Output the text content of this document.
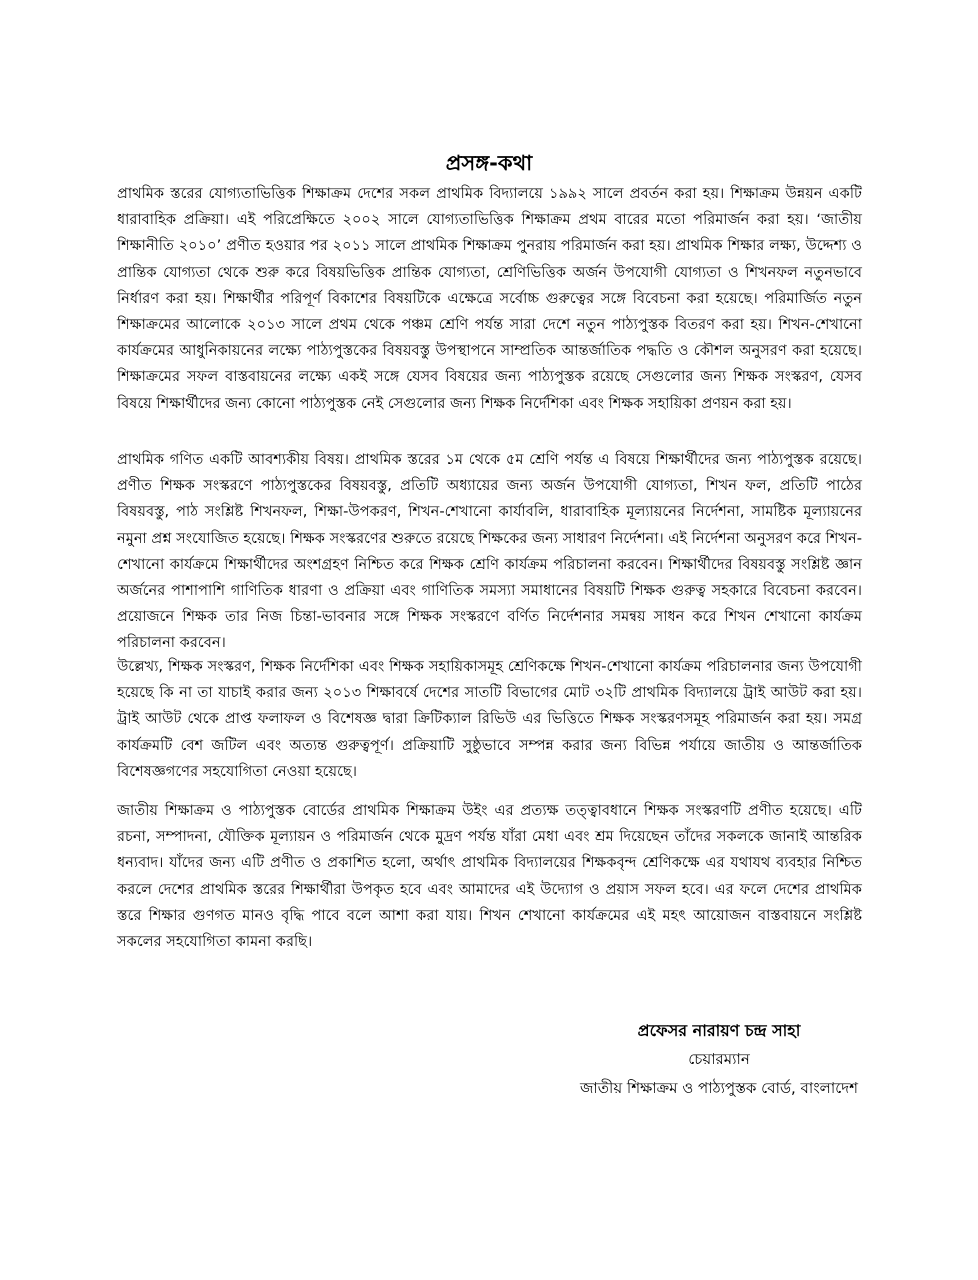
প্রসঙ্গ-কথা
প্রাথমিক স্তরের যোগ্যতাভিত্তিক শিক্ষাক্রম দেশের সকল প্রাথমিক বিদ্যালয়ে ১৯৯২ সালে প্রবর্তন করা হয়। শিক্ষাক্রম উন্নয়ন একটি ধারাবাহিক প্রক্রিয়া। এই পরিপ্রেক্ষিতে ২০০২ সালে যোগ্যতাভিত্তিক শিক্ষাক্রম প্রথম বারের মতো পরিমার্জন করা হয়। ‘জাতীয় শিক্ষানীতি ২০১০’ প্রণীত হওয়ার পর ২০১১ সালে প্রাথমিক শিক্ষাক্রম পুনরায় পরিমার্জন করা হয়। প্রাথমিক শিক্ষার লক্ষ্য, উদ্দেশ্য ও প্রান্তিক যোগ্যতা থেকে শুরু করে বিষয়ভিত্তিক প্রান্তিক যোগ্যতা, শ্রেণিভিত্তিক অর্জন উপযোগী যোগ্যতা ও শিখনফল নতুনভাবে নির্ধারণ করা হয়। শিক্ষার্থীর পরিপূর্ণ বিকাশের বিষয়টিকে এক্ষেত্রে সর্বোচ্চ গুরুত্বের সঙ্গে বিবেচনা করা হয়েছে। পরিমার্জিত নতুন শিক্ষাক্রমের আলোকে ২০১৩ সালে প্রথম থেকে পঞ্চম শ্রেণি পর্যন্ত সারা দেশে নতুন পাঠ্যপুস্তক বিতরণ করা হয়। শিখন-শেখানো কার্যক্রমের আধুনিকায়নের লক্ষ্যে পাঠ্যপুস্তকের বিষয়বস্তু উপস্থাপনে সাম্প্রতিক আন্তর্জাতিক পদ্ধতি ও কৌশল অনুসরণ করা হয়েছে। শিক্ষাক্রমের সফল বাস্তবায়নের লক্ষ্যে একই সঙ্গে যেসব বিষয়ের জন্য পাঠ্যপুস্তক রয়েছে সেগুলোর জন্য শিক্ষক সংস্করণ, যেসব বিষয়ে শিক্ষার্থীদের জন্য কোনো পাঠ্যপুস্তক নেই সেগুলোর জন্য শিক্ষক নির্দেশিকা এবং শিক্ষক সহায়িকা প্রণয়ন করা হয়।
প্রাথমিক গণিত একটি আবশ্যকীয় বিষয়। প্রাথমিক স্তরের ১ম থেকে ৫ম শ্রেণি পর্যন্ত এ বিষয়ে শিক্ষার্থীদের জন্য পাঠ্যপুস্তক রয়েছে। প্রণীত শিক্ষক সংস্করণে পাঠ্যপুস্তকের বিষয়বস্তু, প্রতিটি অধ্যায়ের জন্য অর্জন উপযোগী যোগ্যতা, শিখন ফল, প্রতিটি পাঠের বিষয়বস্তু, পাঠ সংশ্লিষ্ট শিখনফল, শিক্ষা-উপকরণ, শিখন-শেখানো কার্যাবলি, ধারাবাহিক মূল্যায়নের নির্দেশনা, সামষ্টিক মূল্যায়নের নমুনা প্রশ্ন সংযোজিত হয়েছে। শিক্ষক সংস্করণের শুরুতে রয়েছে শিক্ষকের জন্য সাধারণ নির্দেশনা। এই নির্দেশনা অনুসরণ করে শিখন-শেখানো কার্যক্রমে শিক্ষার্থীদের অংশগ্রহণ নিশ্চিত করে শিক্ষক শ্রেণি কার্যক্রম পরিচালনা করবেন। শিক্ষার্থীদের বিষয়বস্তু সংশ্লিষ্ট জ্ঞান অর্জনের পাশাপাশি গাণিতিক ধারণা ও প্রক্রিয়া এবং গাণিতিক সমস্যা সমাধানের বিষয়টি শিক্ষক গুরুত্ব সহকারে বিবেচনা করবেন। প্রয়োজনে শিক্ষক তার নিজ চিন্তা-ভাবনার সঙ্গে শিক্ষক সংস্করণে বর্ণিত নির্দেশনার সমন্বয় সাধন করে শিখন শেখানো কার্যক্রম পরিচালনা করবেন।
উল্লেখ্য, শিক্ষক সংস্করণ, শিক্ষক নির্দেশিকা এবং শিক্ষক সহায়িকাসমূহ শ্রেণিকক্ষে শিখন-শেখানো কার্যক্রম পরিচালনার জন্য উপযোগী হয়েছে কি না তা যাচাই করার জন্য ২০১৩ শিক্ষাবর্ষে দেশের সাতটি বিভাগের মোট ৩২টি প্রাথমিক বিদ্যালয়ে ট্রাই আউট করা হয়। ট্রাই আউট থেকে প্রাপ্ত ফলাফল ও বিশেষজ্ঞ দ্বারা ক্রিটিক্যাল রিভিউ এর ভিত্তিতে শিক্ষক সংস্করণসমূহ পরিমার্জন করা হয়। সমগ্র কার্যক্রমটি বেশ জটিল এবং অত্যন্ত গুরুত্বপূর্ণ। প্রক্রিয়াটি সুষ্ঠুভাবে সম্পন্ন করার জন্য বিভিন্ন পর্যায়ে জাতীয় ও আন্তর্জাতিক বিশেষজ্ঞগণের সহযোগিতা নেওয়া হয়েছে।
জাতীয় শিক্ষাক্রম ও পাঠ্যপুস্তক বোর্ডের প্রাথমিক শিক্ষাক্রম উইং এর প্রত্যক্ষ তত্ত্বাবধানে শিক্ষক সংস্করণটি প্রণীত হয়েছে। এটি রচনা, সম্পাদনা, যৌক্তিক মূল্যায়ন ও পরিমার্জন থেকে মুদ্রণ পর্যন্ত যাঁরা মেধা এবং শ্রম দিয়েছেন তাঁদের সকলকে জানাই আন্তরিক ধন্যবাদ। যাঁদের জন্য এটি প্রণীত ও প্রকাশিত হলো, অর্থাৎ প্রাথমিক বিদ্যালয়ের শিক্ষকবৃন্দ শ্রেণিকক্ষে এর যথাযথ ব্যবহার নিশ্চিত করলে দেশের প্রাথমিক স্তরের শিক্ষার্থীরা উপকৃত হবে এবং আমাদের এই উদ্যোগ ও প্রয়াস সফল হবে। এর ফলে দেশের প্রাথমিক স্তরে শিক্ষার গুণগত মানও বৃদ্ধি পাবে বলে আশা করা যায়। শিখন শেখানো কার্যক্রমের এই মহৎ আয়োজন বাস্তবায়নে সংশ্লিষ্ট সকলের সহযোগিতা কামনা করছি।
প্রফেসর নারায়ণ চন্দ্র সাহা
চেয়ারম্যান
জাতীয় শিক্ষাক্রম ও পাঠ্যপুস্তক বোর্ড, বাংলাদেশ
